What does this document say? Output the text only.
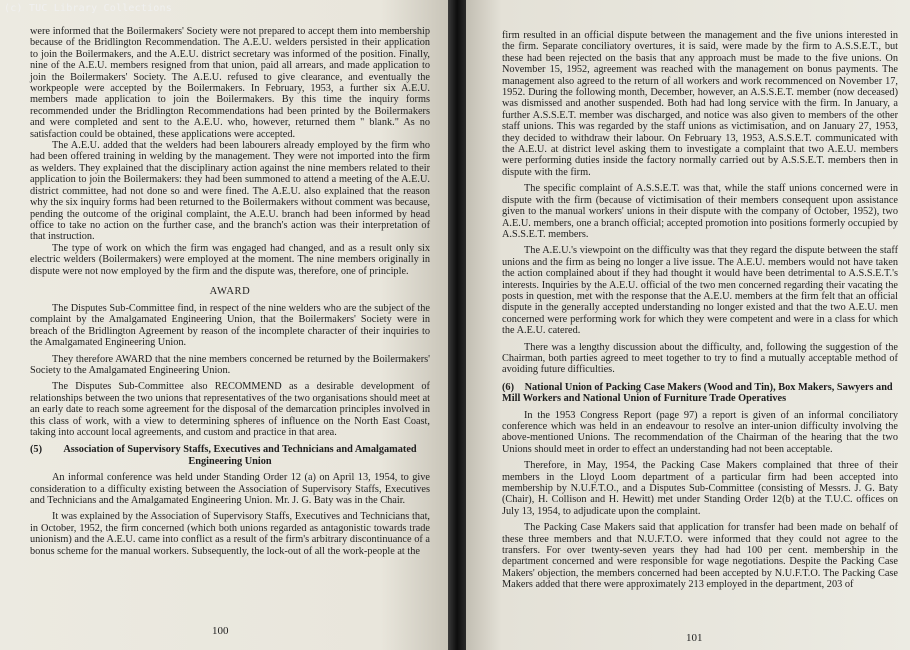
(c) TUC Library Collections

were informed that the Boilermakers' Society were not prepared to accept them into membership because of the Bridlington Recommendation. The A.E.U. welders persisted in their application to join the Boilermakers, and the A.E.U. district secretary was informed of the position. Finally, nine of the A.E.U. members resigned from that union, paid all arrears, and made application to join the Boilermakers' Society. The A.E.U. refused to give clearance, and eventually the workpeople were accepted by the Boilermakers. In February, 1953, a further six A.E.U. members made application to join the Boilermakers. By this time the inquiry forms recommended under the Bridlington Recommendations had been printed by the Boilermakers and were completed and sent to the A.E.U. who, however, returned them " blank." As no satisfaction could be obtained, these applications were accepted.

The A.E.U. added that the welders had been labourers already employed by the firm who had been offered training in welding by the management. They were not imported into the firm as welders. They explained that the disciplinary action against the nine members related to their application to join the Boilermakers: they had been summoned to attend a meeting of the A.E.U. district committee, had not done so and were fined. The A.E.U. also explained that the reason why the six inquiry forms had been returned to the Boilermakers without comment was because, pending the outcome of the original complaint, the A.E.U. branch had been informed by head office to take no action on the further case, and the branch's action was their interpretation of that instruction.

The type of work on which the firm was engaged had changed, and as a result only six electric welders (Boilermakers) were employed at the moment. The nine members originally in dispute were not now employed by the firm and the dispute was, therefore, one of principle.

AWARD

The Disputes Sub-Committee find, in respect of the nine welders who are the subject of the complaint by the Amalgamated Engineering Union, that the Boilermakers' Society were in breach of the Bridlington Agreement by reason of the incomplete character of their inquiries to the Amalgamated Engineering Union.

They therefore AWARD that the nine members concerned be returned by the Boilermakers' Society to the Amalgamated Engineering Union.

The Disputes Sub-Committee also RECOMMEND as a desirable development of relationships between the two unions that representatives of the two organisations should meet at an early date to reach some agreement for the disposal of the demarcation principles involved in this class of work, with a view to determining spheres of influence on the North East Coast, taking into account local agreements, and custom and practice in that area.

(5) Association of Supervisory Staffs, Executives and Technicians and Amalgamated Engineering Union

An informal conference was held under Standing Order 12 (a) on April 13, 1954, to give consideration to a difficulty existing between the Association of Supervisory Staffs, Executives and Technicians and the Amalgamated Engineering Union. Mr. J. G. Baty was in the Chair.

It was explained by the Association of Supervisory Staffs, Executives and Technicians that, in October, 1952, the firm concerned (which both unions regarded as antagonistic towards trade unionism) and the A.E.U. came into conflict as a result of the firm's arbitrary discontinuance of a bonus scheme for the manual workers. Subsequently, the lock-out of all the work-people at the

100

firm resulted in an official dispute between the management and the five unions interested in the firm. Separate conciliatory overtures, it is said, were made by the firm to A.S.S.E.T., but these had been rejected on the basis that any approach must be made to the five unions. On November 15, 1952, agreement was reached with the management on bonus payments. The management also agreed to the return of all workers and work recommenced on November 17, 1952. During the following month, December, however, an A.S.S.E.T. member (now deceased) was dismissed and another suspended. Both had had long service with the firm. In January, a further A.S.S.E.T. member was discharged, and notice was also given to members of the other staff unions. This was regarded by the staff unions as victimisation, and on January 27, 1953, they decided to withdraw their labour. On February 13, 1953, A.S.S.E.T. communicated with the A.E.U. at district level asking them to investigate a complaint that two A.E.U. members were performing duties inside the factory normally carried out by A.S.S.E.T. members then in dispute with the firm.

The specific complaint of A.S.S.E.T. was that, while the staff unions concerned were in dispute with the firm (because of victimisation of their members consequent upon assistance given to the manual workers' unions in their dispute with the company of October, 1952), two A.E.U. members, one a branch official; accepted promotion into positions formerly occupied by A.S.S.E.T. members.

The A.E.U.'s viewpoint on the difficulty was that they regard the dispute between the staff unions and the firm as being no longer a live issue. The A.E.U. members would not have taken the action complained about if they had thought it would have been detrimental to A.S.S.E.T.'s interests. Inquiries by the A.E.U. official of the two men concerned regarding their vacating the posts in question, met with the response that the A.E.U. members at the firm felt that an official dispute in the generally accepted understanding no longer existed and that the two A.E.U. men concerned were performing work for which they were competent and were in a class for which the A.E.U. catered.

There was a lengthy discussion about the difficulty, and, following the suggestion of the Chairman, both parties agreed to meet together to try to find a mutually acceptable method of avoiding future difficulties.

(6) National Union of Packing Case Makers (Wood and Tin), Box Makers, Sawyers and Mill Workers and National Union of Furniture Trade Operatives

In the 1953 Congress Report (page 97) a report is given of an informal conciliatory conference which was held in an endeavour to resolve an inter-union difficulty involving the above-mentioned Unions. The recommendation of the Chairman of the hearing that the two Unions should meet in order to effect an understanding had not been acceptable.

Therefore, in May, 1954, the Packing Case Makers complained that three of their members in the Lloyd Loom department of a particular firm had been accepted into membership by N.U.F.T.O., and a Disputes Sub-Committee (consisting of Messrs. J. G. Baty (Chair), H. Collison and H. Hewitt) met under Standing Order 12(b) at the T.U.C. offices on July 13, 1954, to adjudicate upon the complaint.

The Packing Case Makers said that application for transfer had been made on behalf of these three members and that N.U.F.T.O. were informed that they could not agree to the transfers. For over twenty-seven years they had had 100 per cent. membership in the department concerned and were responsible for wage negotiations. Despite the Packing Case Makers' objection, the members concerned had been accepted by N.U.F.T.O. The Packing Case Makers added that there were approximately 213 employed in the department, 203 of

101
